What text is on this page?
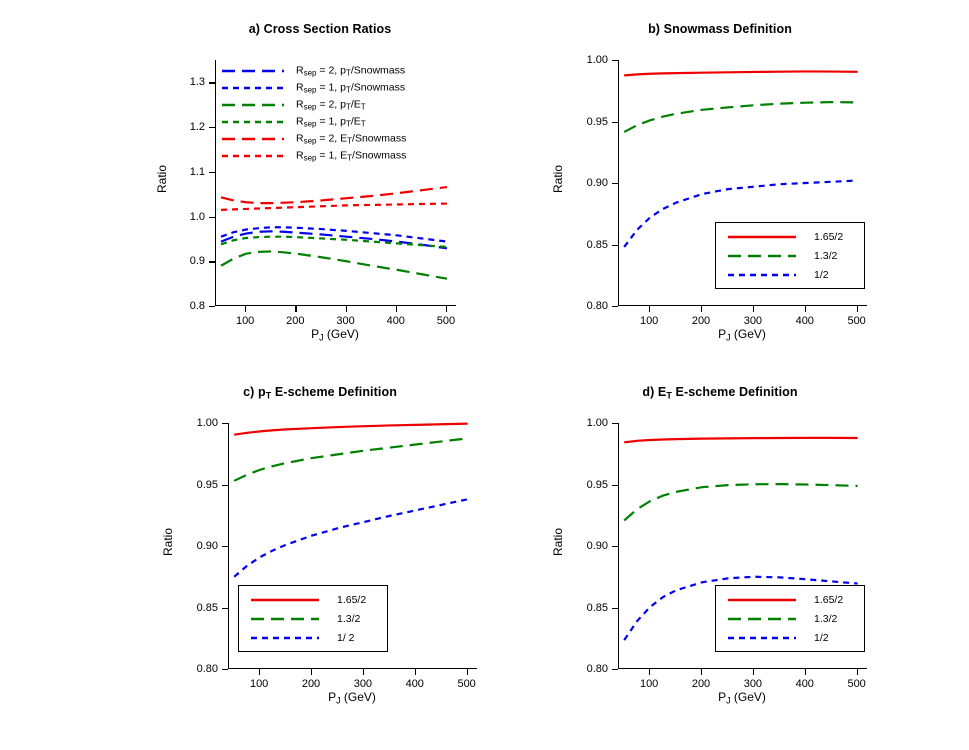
a) Cross Section Ratios
Ratio
$P_J$ (GeV)
$R_{sep} = 2$, $p_T$/Snowmass
$R_{sep} = 1$, $p_T$/Snowmass
$R_{sep} = 2$, $p_T/E_T$
$R_{sep} = 1$, $p_T/E_T$
$R_{sep} = 2$, $E_T$/Snowmass
$R_{sep} = 1$, $E_T$/Snowmass
0.8
0.9
1.0
1.1
1.2
1.3
100	200	300	400	500
b) Snowmass Definition
Ratio
$P_J$ (GeV)
1.65/2
1.3/2
1/2
0.80
0.85
0.90
0.95
1.00
100	200	300	400	500
c) $p_T$ E-scheme Definition
Ratio
$P_J$ (GeV)
1.65/2
1.3/2
1/ 2
0.80
0.85
0.90
0.95
1.00
100	200	300	400	500
d) $E_T$ E-scheme Definition
Ratio
$P_J$ (GeV)
1.65/2
1.3/2
1/2
0.80
0.85
0.90
0.95
1.00
100	200	300	400	500
